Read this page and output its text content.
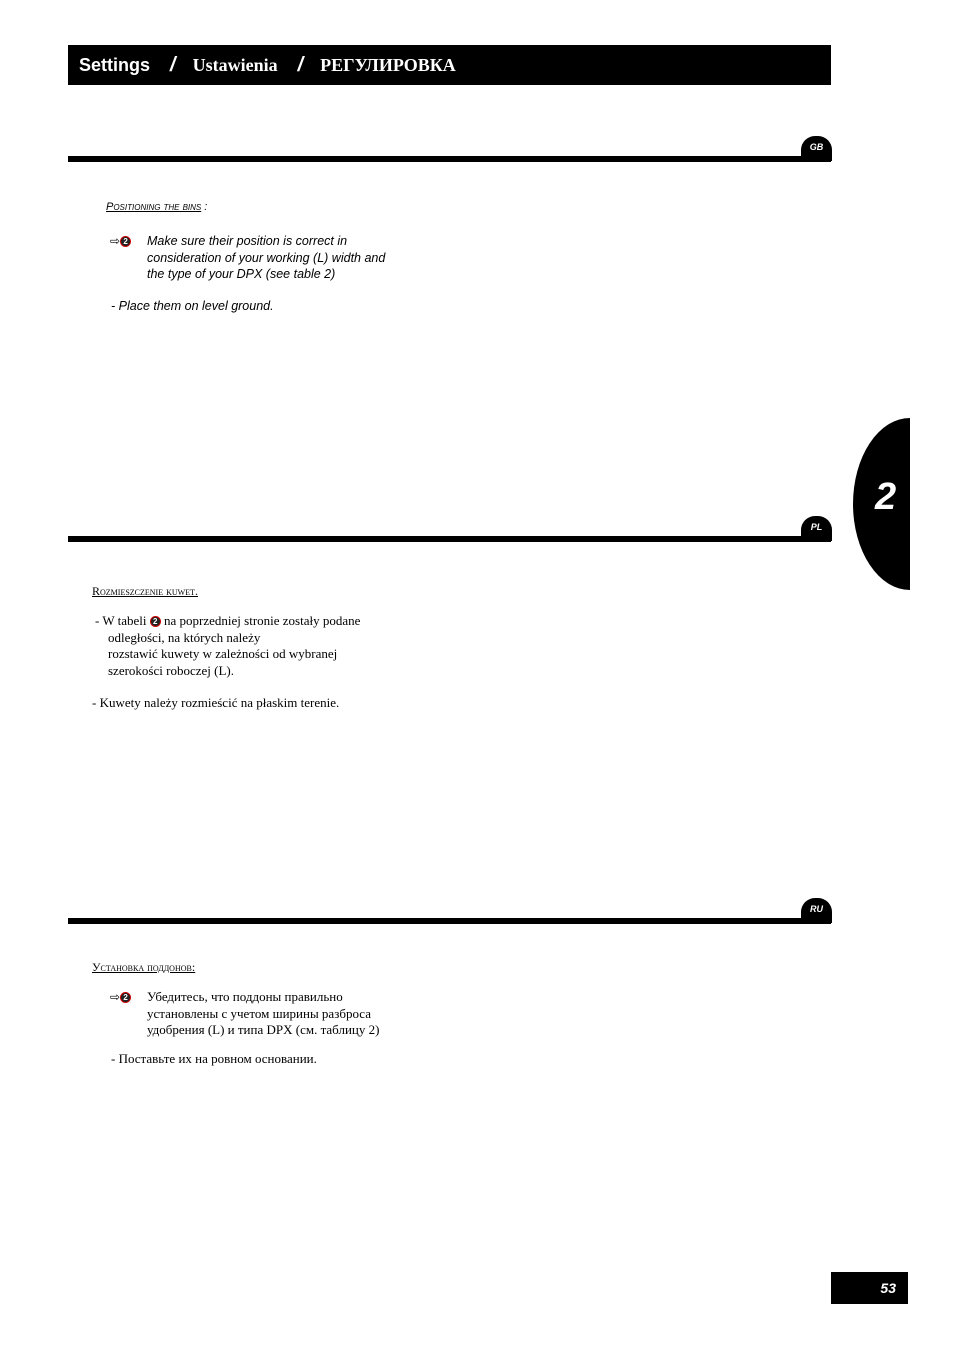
Settings / Ustawienia / РЕГУЛИРОВКА
GB
Positioning the bins :
⇨ 2 Make sure their position is correct in
consideration of your working (L) width and
the type of your DPX (see table 2)
- Place them on level ground.
2
PL
Rozmieszczenie kuwet.
- W tabeli 2 na poprzedniej stronie zostały podane
odległości, na których należy
rozstawić kuwety w zależności od wybranej
szerokości roboczej (L).
- Kuwety należy rozmieścić na płaskim terenie.
RU
Установка поддонов:
⇨ 2 Убедитесь, что поддоны правильно
установлены с учетом ширины разброса
удобрения (L) и типа DPX (см. таблицу 2)
- Поставьте их на ровном основании.
53
